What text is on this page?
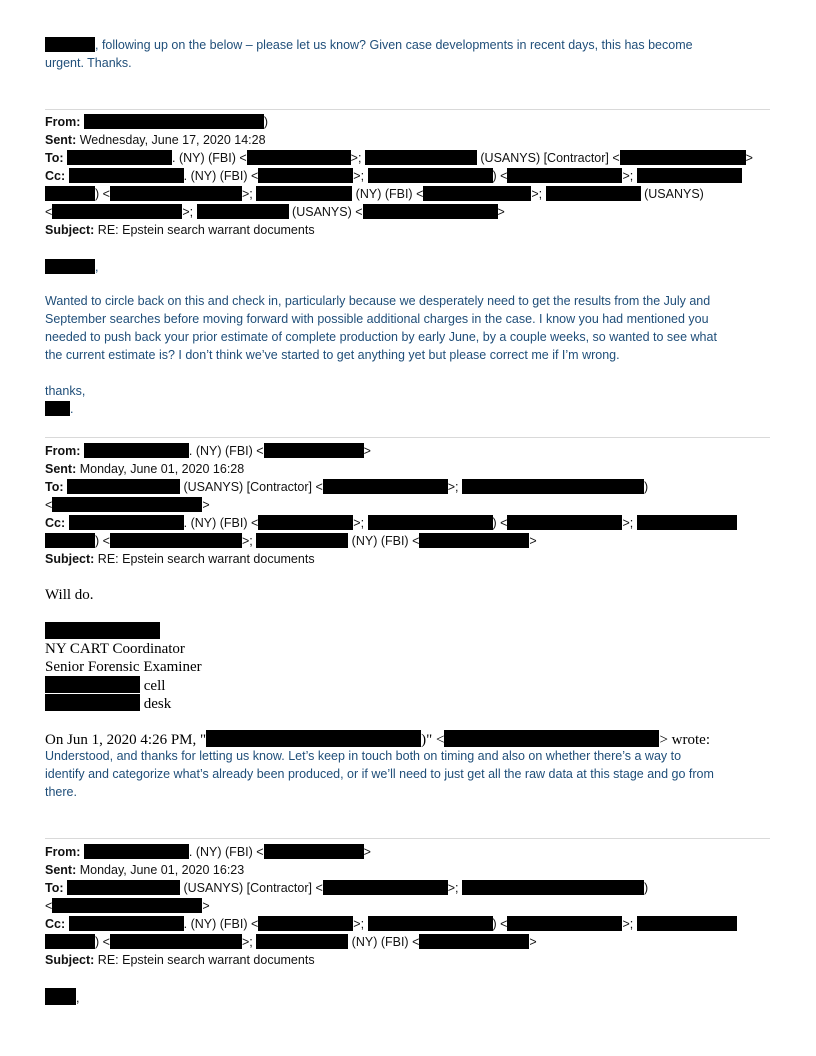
, following up on the below – please let us know? Given case developments in recent days, this has become
urgent. Thanks.
From:	)
Sent: Wednesday, June 17, 2020 14:28
To:	. (NY) (FBI) <	>;	(USANYS) [Contractor] <	>
Cc:	. (NY) (FBI) <	>;	) <	>;
) <	>;	(NY) (FBI) <	>;	(USANYS)
<	>;	(USANYS) <	>
Subject: RE: Epstein search warrant documents
,
Wanted to circle back on this and check in, particularly because we desperately need to get the results from the July and
September searches before moving forward with possible additional charges in the case. I know you had mentioned you
needed to push back your prior estimate of complete production by early June, by a couple weeks, so wanted to see what
the current estimate is? I don’t think we’ve started to get anything yet but please correct me if I’m wrong.
thanks,
.
From:	. (NY) (FBI) <	>
Sent: Monday, June 01, 2020 16:28
To:	(USANYS) [Contractor] <	>;	)
<	>
Cc:	. (NY) (FBI) <	>;	) <	>;
) <	>;	(NY) (FBI) <	>
Subject: RE: Epstein search warrant documents
Will do.
NY CART Coordinator
Senior Forensic Examiner
cell
desk
On Jun 1, 2020 4:26 PM, "	)" <	> wrote:
Understood, and thanks for letting us know. Let’s keep in touch both on timing and also on whether there’s a way to
identify and categorize what’s already been produced, or if we’ll need to just get all the raw data at this stage and go from
there.
From:	. (NY) (FBI) <	>
Sent: Monday, June 01, 2020 16:23
To:	(USANYS) [Contractor] <	>;	)
<	>
Cc:	. (NY) (FBI) <	>;	) <	>;
) <	>;	(NY) (FBI) <	>
Subject: RE: Epstein search warrant documents
,
